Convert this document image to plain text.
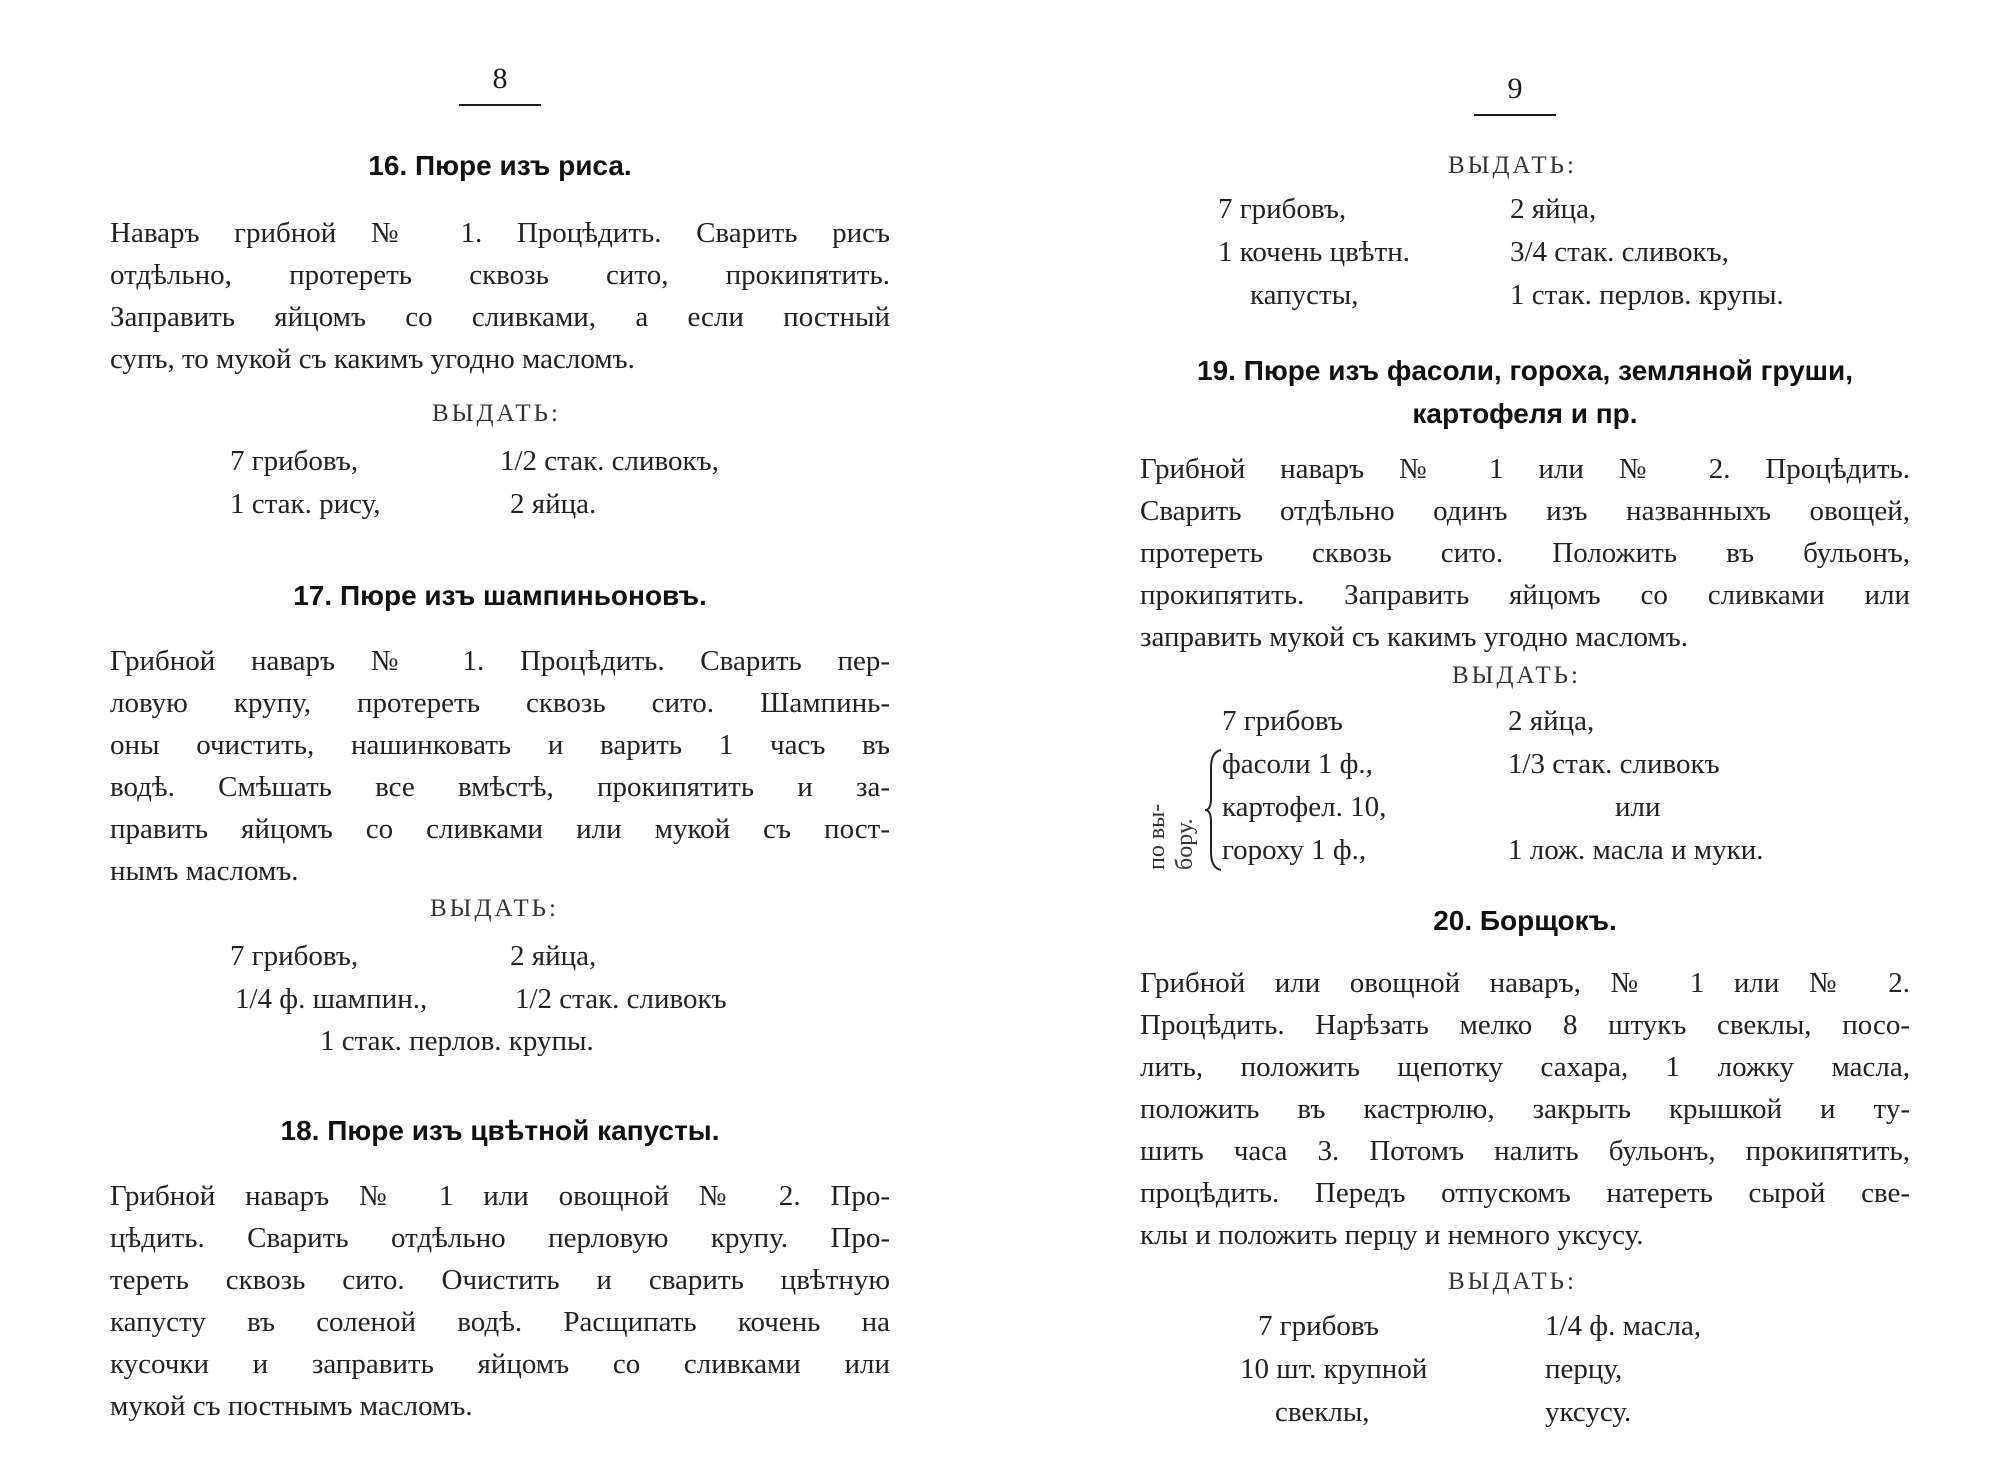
8
16. Пюре изъ риса.
Наваръ грибной № 1. Процѣдить. Сварить рисъ
отдѣльно, протереть сквозь сито, прокипятить.
Заправить яйцомъ со сливками, а если постный
супъ, то мукой съ какимъ угодно масломъ.
ВЫДАТЬ:
7 грибовъ,	1/2 стак. сливокъ,
1 стак. рису,	2 яйца.
17. Пюре изъ шампиньоновъ.
Грибной наваръ № 1. Процѣдить. Сварить пер-
ловую крупу, протереть сквозь сито. Шампинь-
оны очистить, нашинковать и варить 1 часъ въ
водѣ. Смѣшать все вмѣстѣ, прокипятить и за-
править яйцомъ со сливками или мукой съ пост-
нымъ масломъ.
ВЫДАТЬ:
7 грибовъ,	2 яйца,
1/4 ф. шампин.,	1/2 стак. сливокъ
1 стак. перлов. крупы.
18. Пюре изъ цвѣтной капусты.
Грибной наваръ № 1 или овощной № 2. Про-
цѣдить. Сварить отдѣльно перловую крупу. Про-
тереть сквозь сито. Очистить и сварить цвѣтную
капусту въ соленой водѣ. Расщипать кочень на
кусочки и заправить яйцомъ со сливками или
мукой съ постнымъ масломъ.
9
ВЫДАТЬ:
7 грибовъ,	2 яйца,
1 кочень цвѣтн.	3/4 стак. сливокъ,
капусты,	1 стак. перлов. крупы.
19. Пюре изъ фасоли, гороха, земляной груши,
картофеля и пр.
Грибной наваръ № 1 или № 2. Процѣдить.
Сварить отдѣльно одинъ изъ названныхъ овощей,
протереть сквозь сито. Положить въ бульонъ,
прокипятить. Заправить яйцомъ со сливками или
заправить мукой съ какимъ угодно масломъ.
ВЫДАТЬ:
7 грибовъ	2 яйца,
по вы-
бору.
фасоли 1 ф.,	1/3 стак. сливокъ
картофел. 10,	или
гороху 1 ф.,	1 лож. масла и муки.
20. Борщокъ.
Грибной или овощной наваръ, № 1 или № 2.
Процѣдить. Нарѣзать мелко 8 штукъ свеклы, посо-
лить, положить щепотку сахара, 1 ложку масла,
положить въ кастрюлю, закрыть крышкой и ту-
шить часа 3. Потомъ налить бульонъ, прокипятить,
процѣдить. Передъ отпускомъ натереть сырой све-
клы и положить перцу и немного уксусу.
ВЫДАТЬ:
7 грибовъ	1/4 ф. масла,
10 шт. крупной	перцу,
свеклы,	уксусу.
